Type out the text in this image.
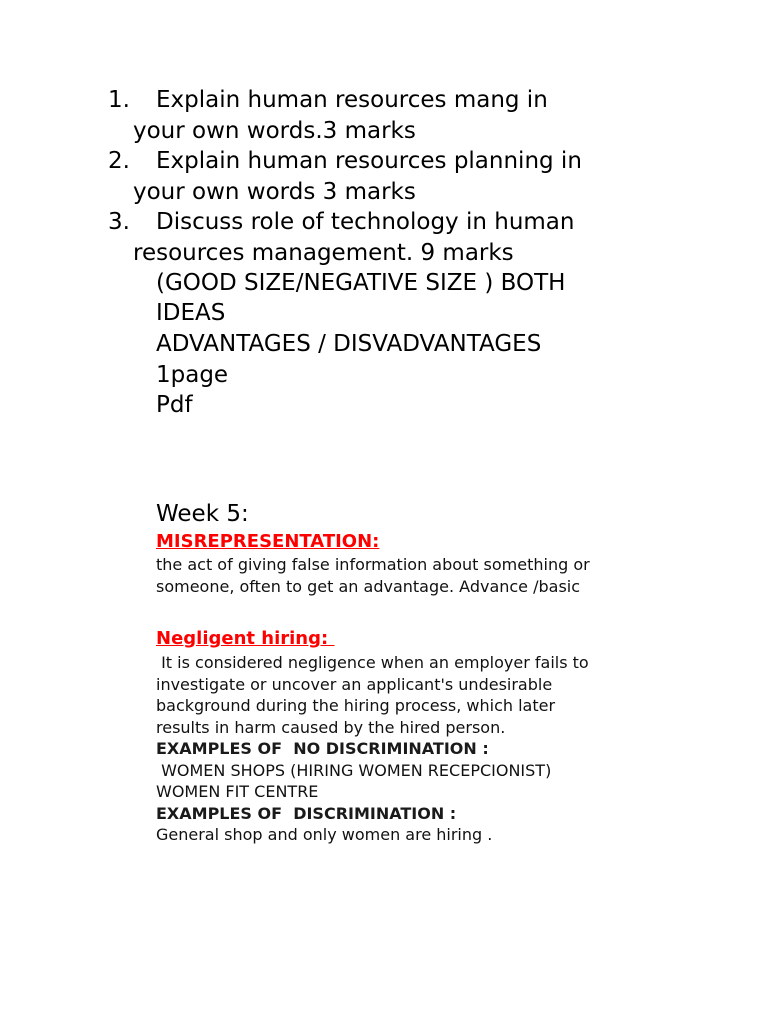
1.	Explain human resources mang in
your own words.3 marks
2.	Explain human resources planning in
your own words 3 marks
3.	Discuss role of technology in human
resources management. 9 marks
(GOOD SIZE/NEGATIVE SIZE ) BOTH
IDEAS
ADVANTAGES / DISVADVANTAGES
1page
Pdf
Week 5:
MISREPRESENTATION:
the act of giving false information about something or
someone, often to get an advantage. Advance /basic
Negligent hiring:
It is considered negligence when an employer fails to
investigate or uncover an applicant's undesirable
background during the hiring process, which later
results in harm caused by the hired person.
EXAMPLES OF  NO DISCRIMINATION :
WOMEN SHOPS (HIRING WOMEN RECEPCIONIST)
WOMEN FIT CENTRE
EXAMPLES OF  DISCRIMINATION :
General shop and only women are hiring .
